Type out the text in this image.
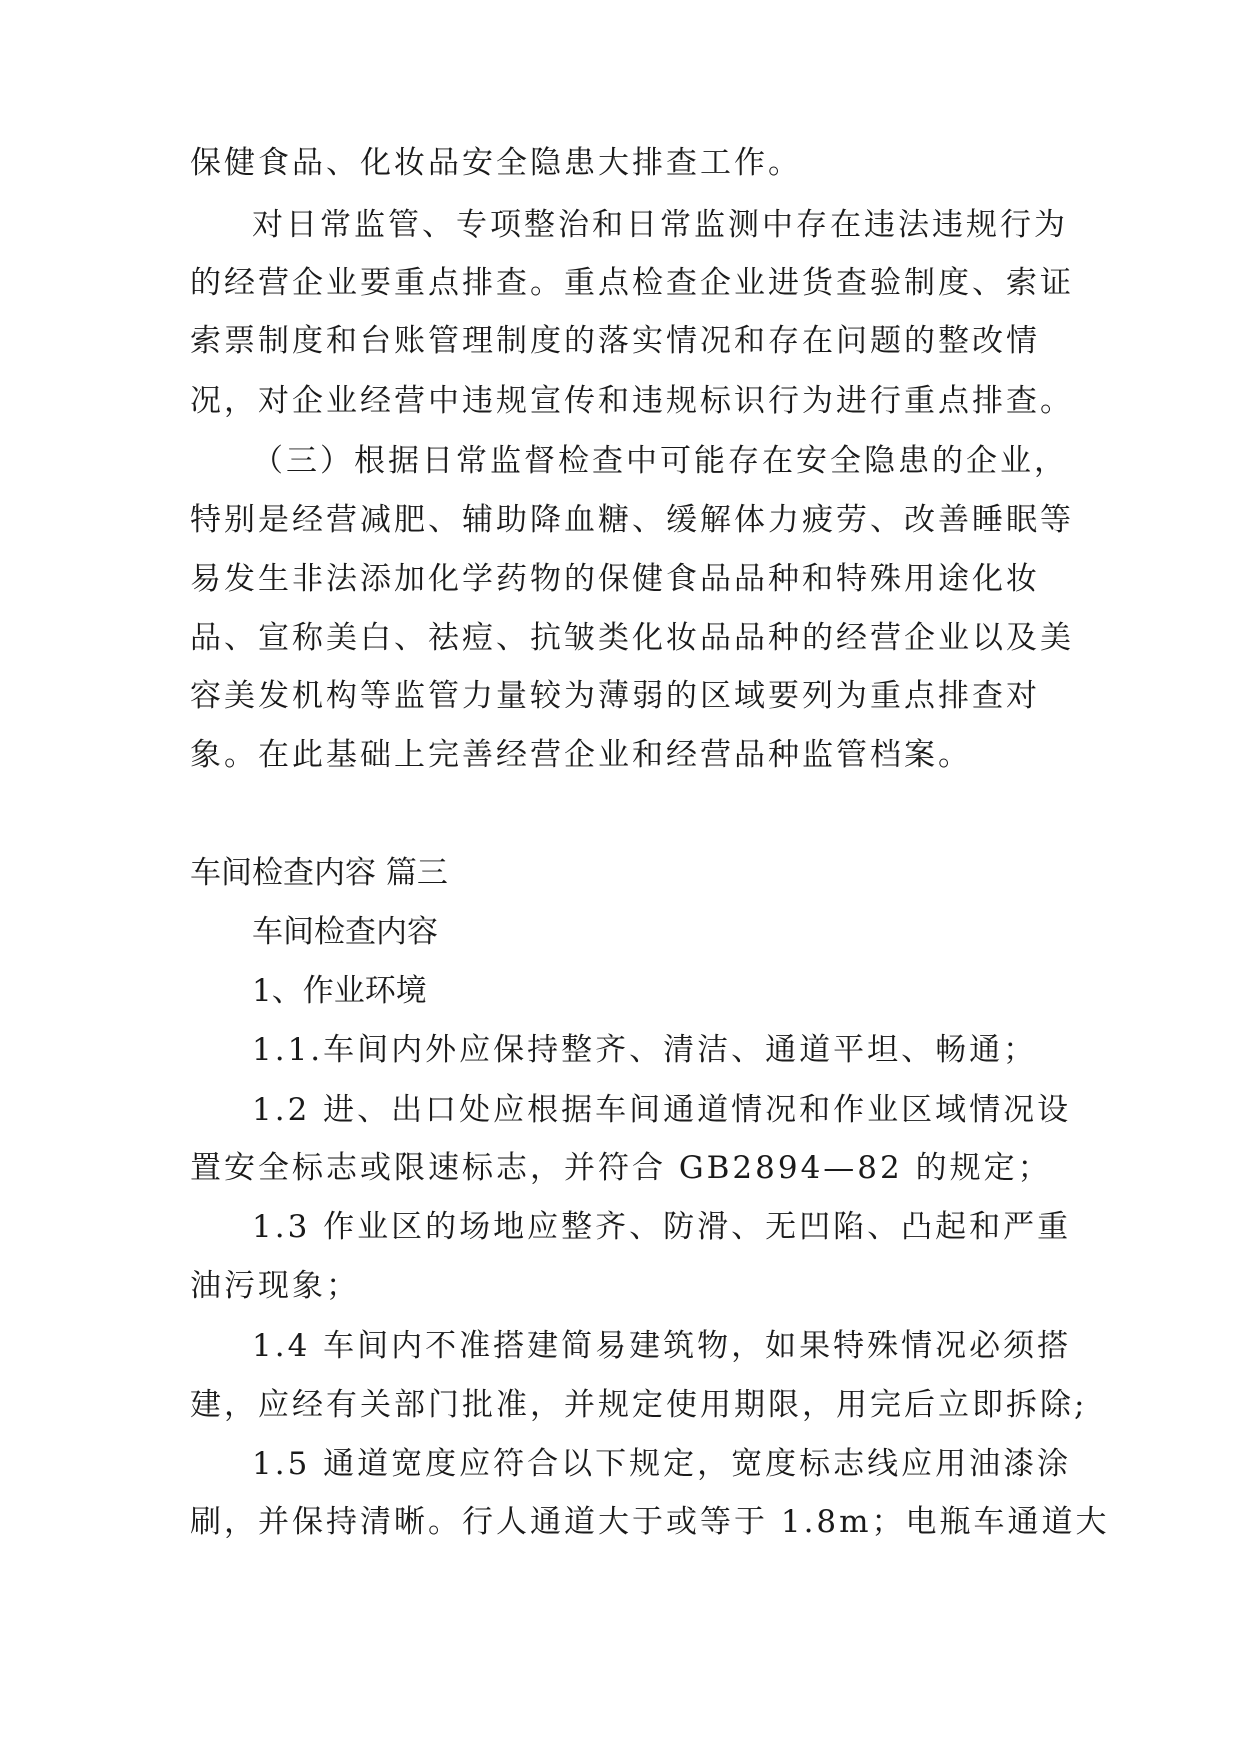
保健食品、化妆品安全隐患大排查工作。
对日常监管、专项整治和日常监测中存在违法违规行为
的经营企业要重点排查。重点检查企业进货查验制度、索证
索票制度和台账管理制度的落实情况和存在问题的整改情
况，对企业经营中违规宣传和违规标识行为进行重点排查。
（三）根据日常监督检查中可能存在安全隐患的企业，
特别是经营减肥、辅助降血糖、缓解体力疲劳、改善睡眠等
易发生非法添加化学药物的保健食品品种和特殊用途化妆
品、宣称美白、祛痘、抗皱类化妆品品种的经营企业以及美
容美发机构等监管力量较为薄弱的区域要列为重点排查对
象。在此基础上完善经营企业和经营品种监管档案。
车间检查内容 篇三
车间检查内容
1、作业环境
1.1.车间内外应保持整齐、清洁、通道平坦、畅通；
1.2 进、出口处应根据车间通道情况和作业区域情况设
置安全标志或限速标志，并符合 GB2894—82 的规定；
1.3 作业区的场地应整齐、防滑、无凹陷、凸起和严重
油污现象；
1.4 车间内不准搭建简易建筑物，如果特殊情况必须搭
建，应经有关部门批准，并规定使用期限，用完后立即拆除;
1.5 通道宽度应符合以下规定，宽度标志线应用油漆涂
刷，并保持清晰。行人通道大于或等于 1.8m；电瓶车通道大
